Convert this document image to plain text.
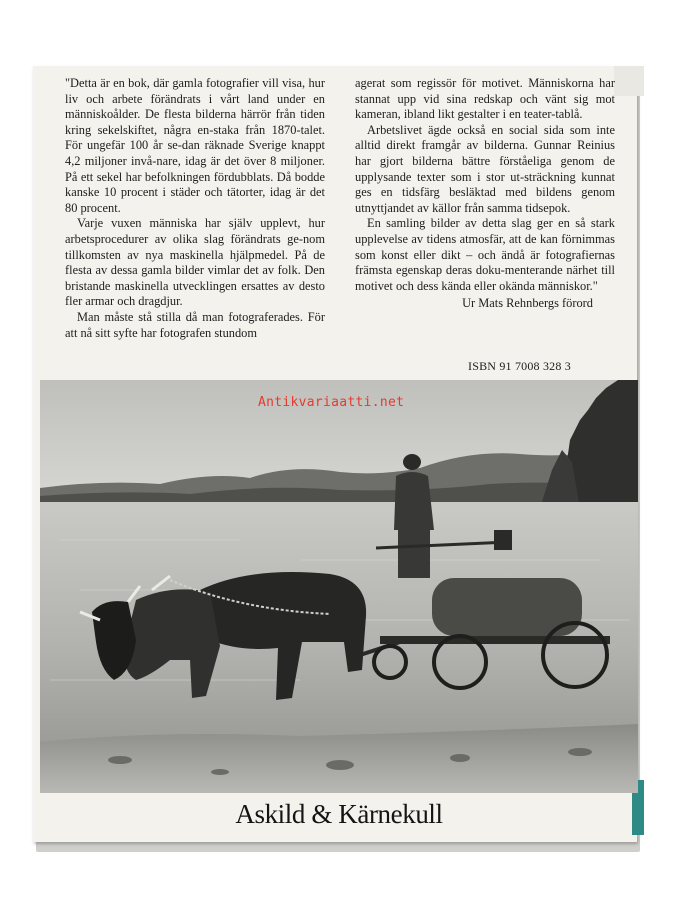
"Detta är en bok, där gamla fotografier vill visa, hur liv och arbete förändrats i vårt land under en människoålder. De flesta bilderna härrör från tiden kring sekelskiftet, några en-staka från 1870-talet. För ungefär 100 år se-dan räknade Sverige knappt 4,2 miljoner invå-nare, idag är det över 8 miljoner. På ett sekel har befolkningen fördubblats. Då bodde kanske 10 procent i städer och tätorter, idag är det 80 procent.

Varje vuxen människa har själv upplevt, hur arbetsprocedurer av olika slag förändrats ge-nom tillkomsten av nya maskinella hjälpmedel. På de flesta av dessa gamla bilder vimlar det av folk. Den bristande maskinella utvecklingen ersattes av desto fler armar och dragdjur.

Man måste stå stilla då man fotograferades. För att nå sitt syfte har fotografen stundom

agerat som regissör för motivet. Människorna har stannat upp vid sina redskap och vänt sig mot kameran, ibland likt gestalter i en teater-tablå.

Arbetslivet ägde också en social sida som inte alltid direkt framgår av bilderna. Gunnar Reinius har gjort bilderna bättre förståeliga genom de upplysande texter som i stor ut-sträckning kunnat ges en tidsfärg besläktad med bildens genom utnyttjandet av källor från samma tidsepok.

En samling bilder av detta slag ger en så stark upplevelse av tidens atmosfär, att de kan förnimmas som konst eller dikt – och ändå är fotografiernas främsta egenskap deras doku-menterande närhet till motivet och dess kända eller okända människor."

Ur Mats Rehnbergs förord
ISBN 91 7008 328 3
Antikvariaatti.net
Askild & Kärnekull
